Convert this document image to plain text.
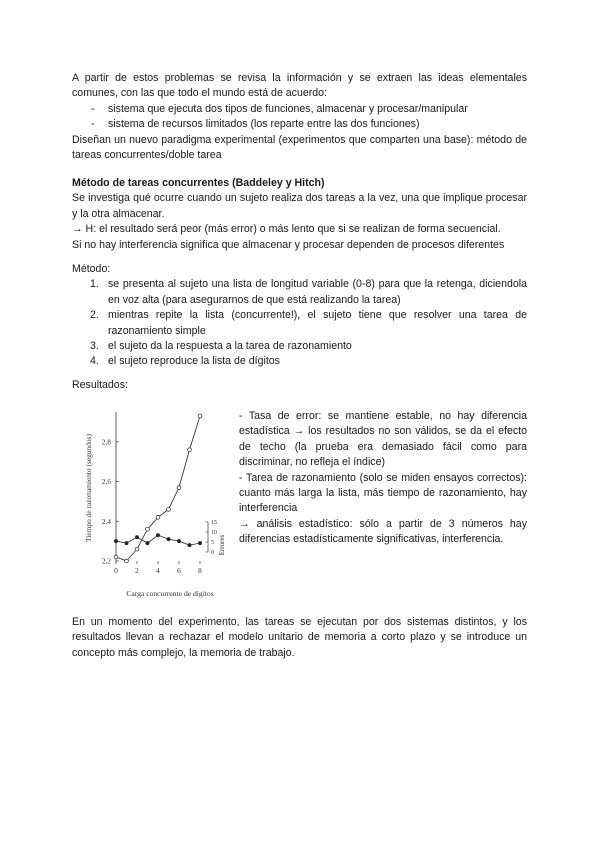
A partir de estos problemas se revisa la información y se extraen las ideas elementales comunes, con las que todo el mundo está de acuerdo:

- sistema que ejecuta dos tipos de funciones, almacenar y procesar/manipular
- sistema de recursos limitados (los reparte entre las dos funciones)

Diseñan un nuevo paradigma experimental (experimentos que comparten una base): método de tareas concurrentes/doble tarea

Método de tareas concurrentes (Baddeley y Hitch)

Se investiga qué ocurre cuando un sujeto realiza dos tareas a la vez, una que implique procesar y la otra almacenar.

→ H: el resultado será peor (más error) o más lento que si se realizan de forma secuencial.

Si no hay interferencia significa que almacenar y procesar dependen de procesos diferentes

Método:

1. se presenta al sujeto una lista de longitud variable (0-8) para que la retenga, diciendola en voz alta (para asegurarnos de que está realizando la tarea)
2. mientras repite la lista (concurrente!), el sujeto tiene que resolver una tarea de razonamiento simple
3. el sujeto da la respuesta a la tarea de razonamiento
4. el sujeto reproduce la lista de dígitos

Resultados:

2,2
2,4
2,6
2,8
0 2 4 6 8
15
10
5
0
Carga concurrente de dígitos
Tiempo de razonamiento (segundos)
Errores

- Tasa de error: se mantiene estable, no hay diferencia estadística → los resultados no son válidos, se da el efecto de techo (la prueba era demasiado fácil como para discriminar, no refleja el índice)

- Tarea de razonamiento (solo se miden ensayos correctos): cuanto más larga la lista, más tiempo de razonamiento, hay interferencia

→ análisis estadístico: sólo a partir de 3 números hay diferencias estadísticamente significativas, interferencia.

En un momento del experimento, las tareas se ejecutan por dos sistemas distintos, y los resultados llevan a rechazar el modelo unitario de memoria a corto plazo y se introduce un concepto más complejo, la memoria de trabajo.
